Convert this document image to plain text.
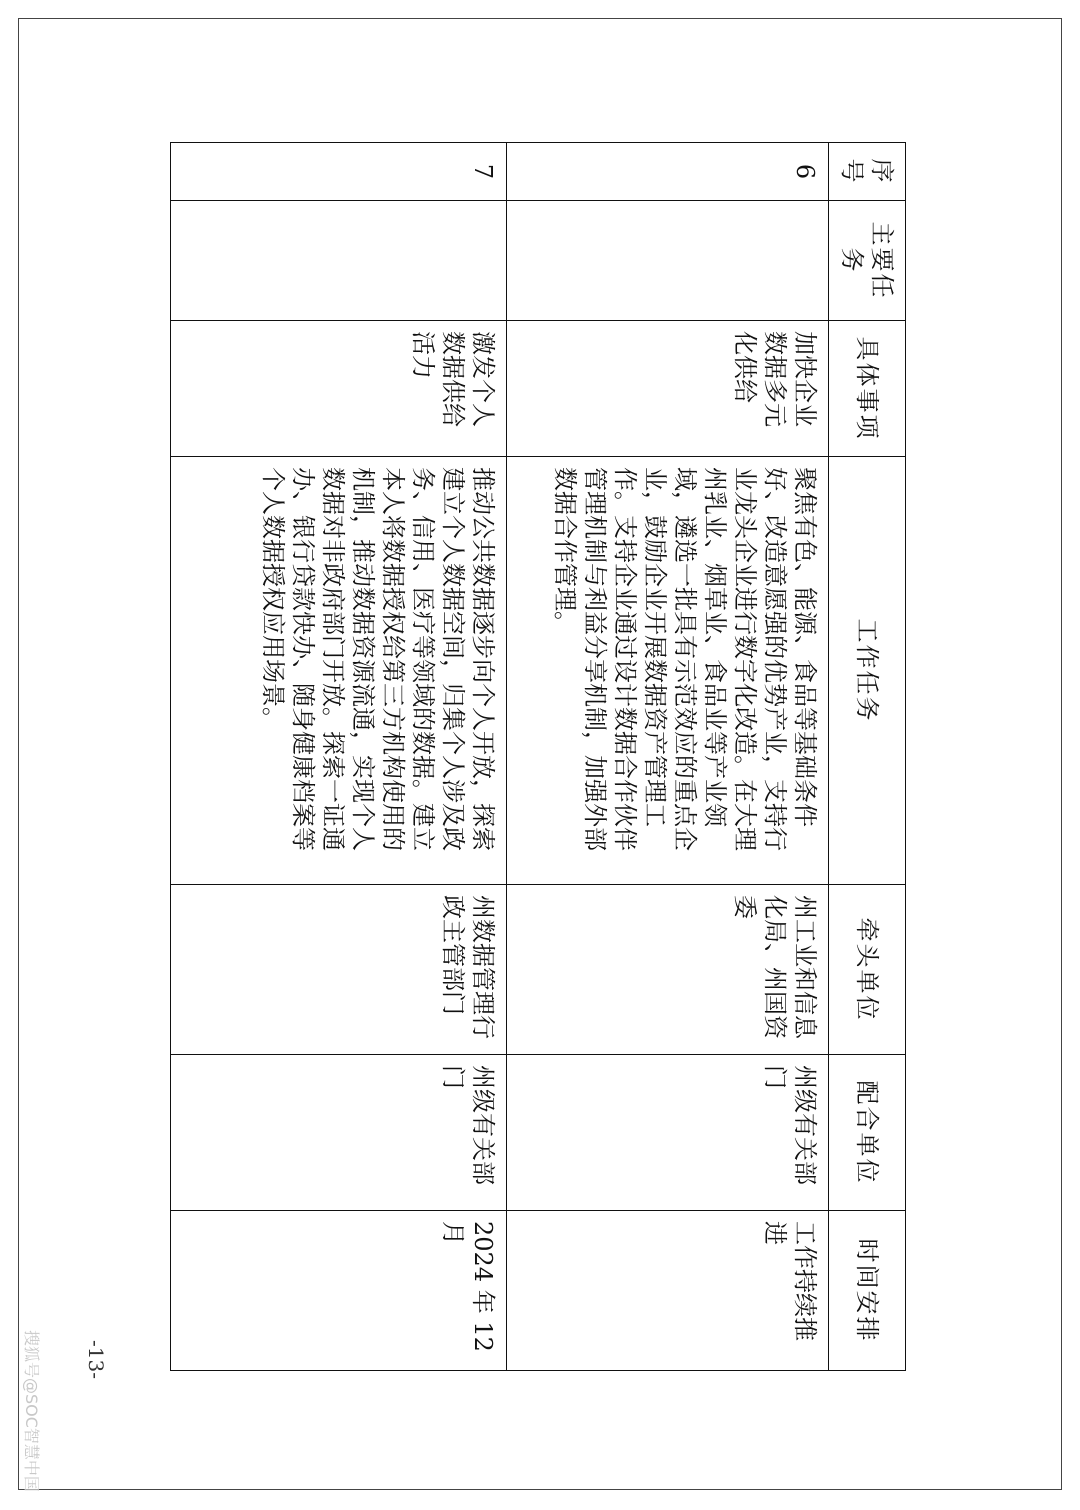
序号	主要任务	具体事项	工作任务	牵头单位	配合单位	时间安排
6		加快企业数据多元化供给	聚焦有色、能源、食品等基础条件好、改造意愿强的优势产业，支持行业龙头企业进行数字化改造。在大理州乳业、烟草业、食品业等产业领域，遴选一批具有示范效应的重点企业，鼓励企业开展数据资产管理工作。支持企业通过设计数据合作伙伴管理机制与利益分享机制，加强外部数据合作管理。	州工业和信息化局、州国资委	州级有关部门	工作持续推进
7		激发个人数据供给活力	推动公共数据逐步向个人开放，探索建立个人数据空间，归集个人涉及政务、信用、医疗等领域的数据。建立本人将数据授权给第三方机构使用的机制，推动数据资源流通，实现个人数据对非政府部门开放。探索一证通办、银行贷款快办、随身健康档案等个人数据授权应用场景。	州数据管理行政主管部门	州级有关部门	2024 年 12 月
-13-
搜狐号@SOC智慧中国
